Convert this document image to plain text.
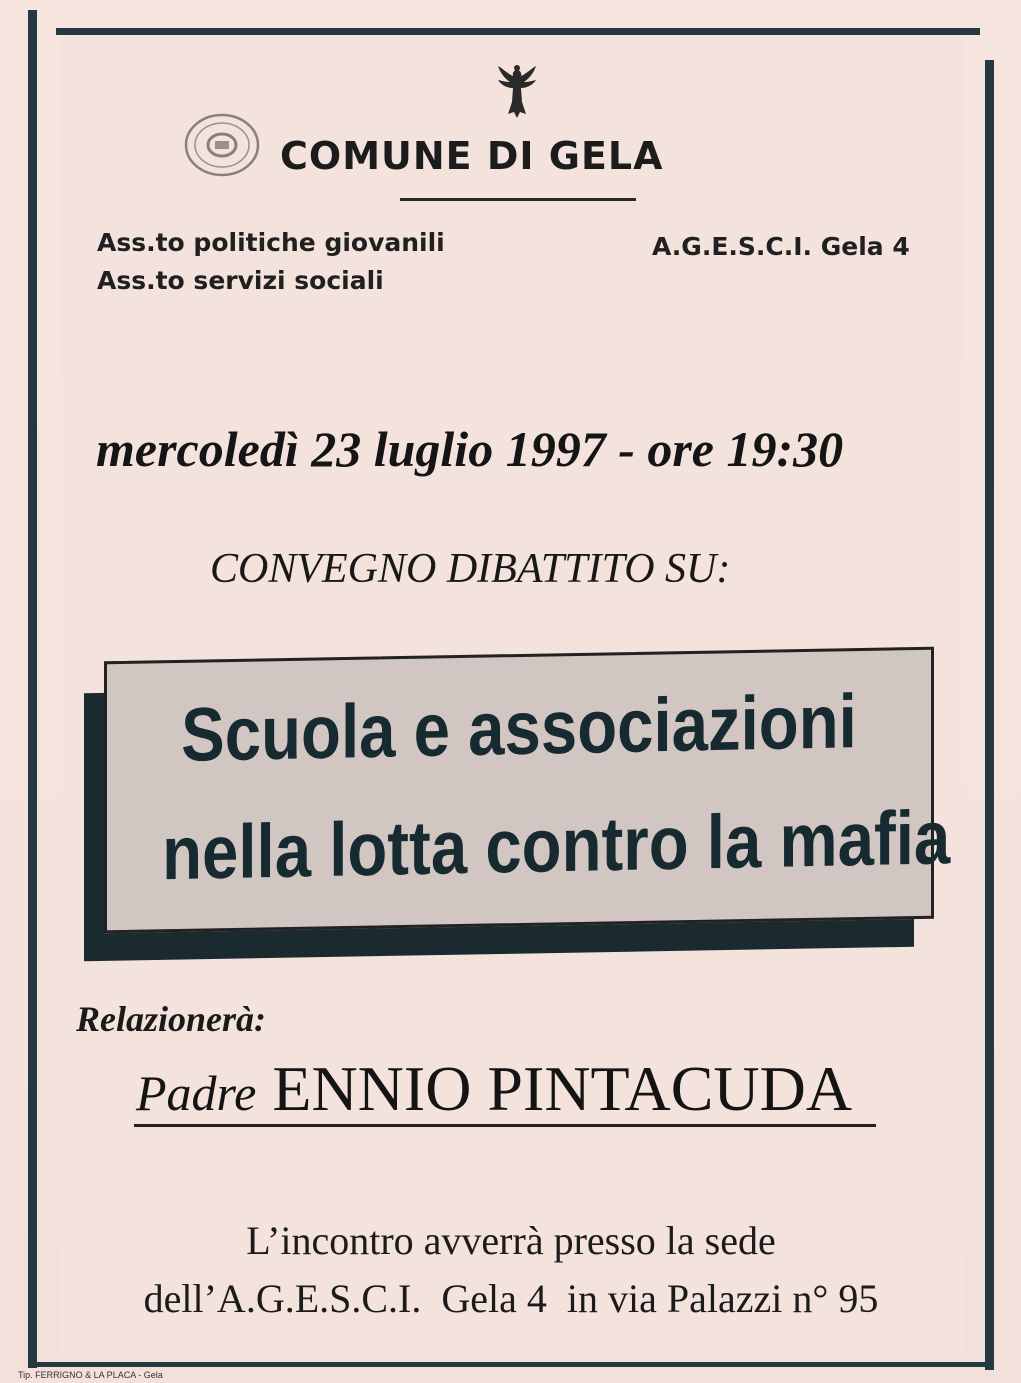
COMUNE DI GELA
Ass.to politiche giovanili
Ass.to servizi sociali
A.G.E.S.C.I. Gela 4
mercoledì 23 luglio 1997 - ore 19:30
CONVEGNO DIBATTITO SU:
Scuola e associazioni
nella lotta contro la mafia
Relazionerà:
Padre ENNIO PINTACUDA
L’incontro avverrà presso la sede
dell’A.G.E.S.C.I.  Gela 4  in via Palazzi n° 95
Tip. FERRIGNO & LA PLACA - Gela
